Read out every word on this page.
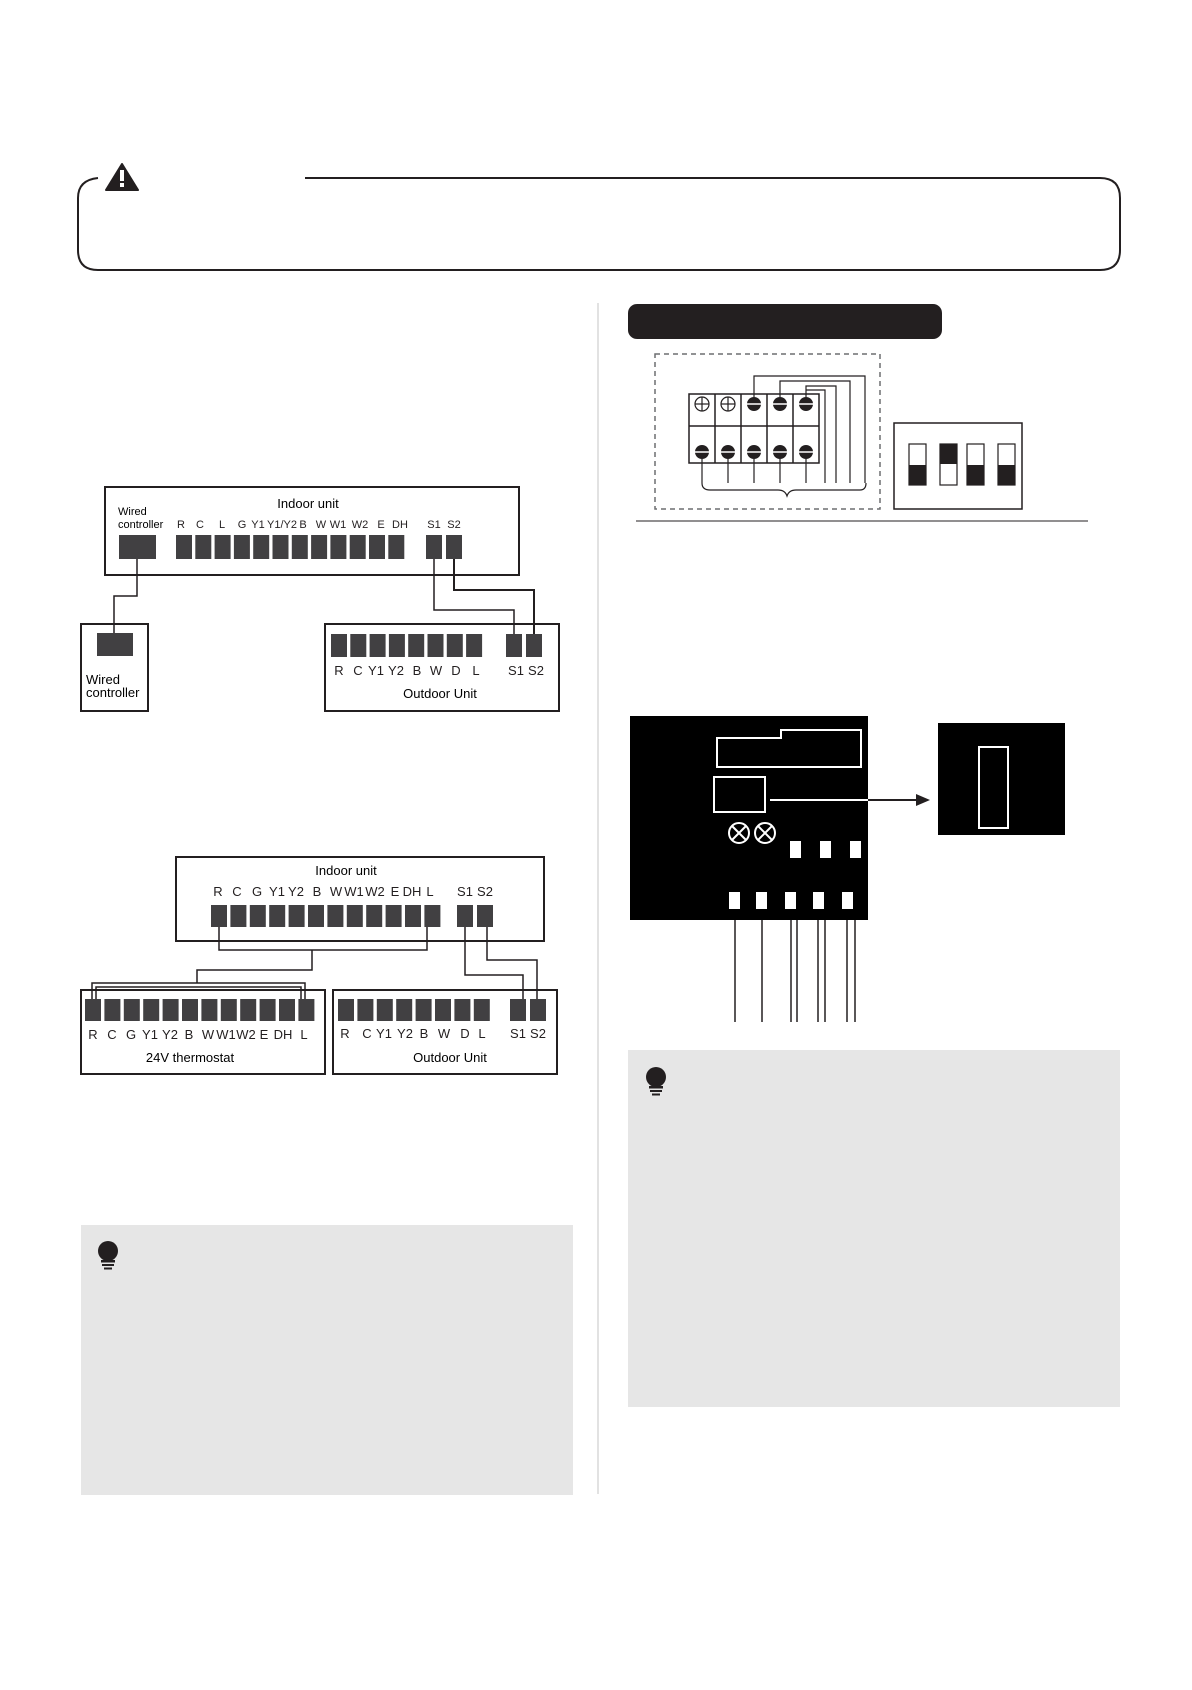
Indoor unit
Wired
controller R C L G Y1 Y1/Y2 B W W1 W2 E DH S1 S2
Wired
controller
R C Y1 Y2 B W D L S1 S2
Outdoor Unit
Indoor unit
R C G Y1 Y2 B W W1 W2 E DH L S1 S2
R C G Y1 Y2 B W W1 W2 E DH L
24V thermostat
R C Y1 Y2 B W D L S1 S2
Outdoor Unit
